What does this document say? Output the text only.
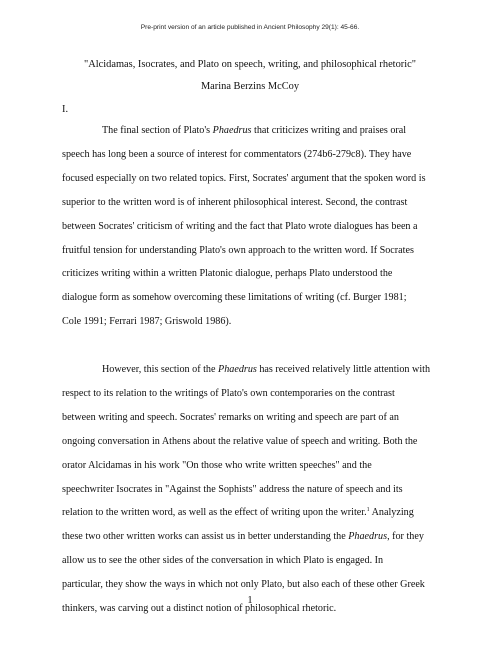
Pre-print version of an article published in Ancient Philosophy 29(1): 45-66.
"Alcidamas, Isocrates, and Plato on speech, writing, and philosophical rhetoric"
Marina Berzins McCoy
I.
The final section of Plato's Phaedrus that criticizes writing and praises oral
speech has long been a source of interest for commentators (274b6-279c8). They have
focused especially on two related topics. First, Socrates' argument that the spoken word is
superior to the written word is of inherent philosophical interest. Second, the contrast
between Socrates' criticism of writing and the fact that Plato wrote dialogues has been a
fruitful tension for understanding Plato's own approach to the written word. If Socrates
criticizes writing within a written Platonic dialogue, perhaps Plato understood the
dialogue form as somehow overcoming these limitations of writing (cf. Burger 1981;
Cole 1991; Ferrari 1987; Griswold 1986).
However, this section of the Phaedrus has received relatively little attention with
respect to its relation to the writings of Plato's own contemporaries on the contrast
between writing and speech. Socrates' remarks on writing and speech are part of an
ongoing conversation in Athens about the relative value of speech and writing. Both the
orator Alcidamas in his work "On those who write written speeches" and the
speechwriter Isocrates in "Against the Sophists" address the nature of speech and its
relation to the written word, as well as the effect of writing upon the writer.$^1$ Analyzing
these two other written works can assist us in better understanding the Phaedrus, for they
allow us to see the other sides of the conversation in which Plato is engaged. In
particular, they show the ways in which not only Plato, but also each of these other Greek
thinkers, was carving out a distinct notion of philosophical rhetoric.
1
